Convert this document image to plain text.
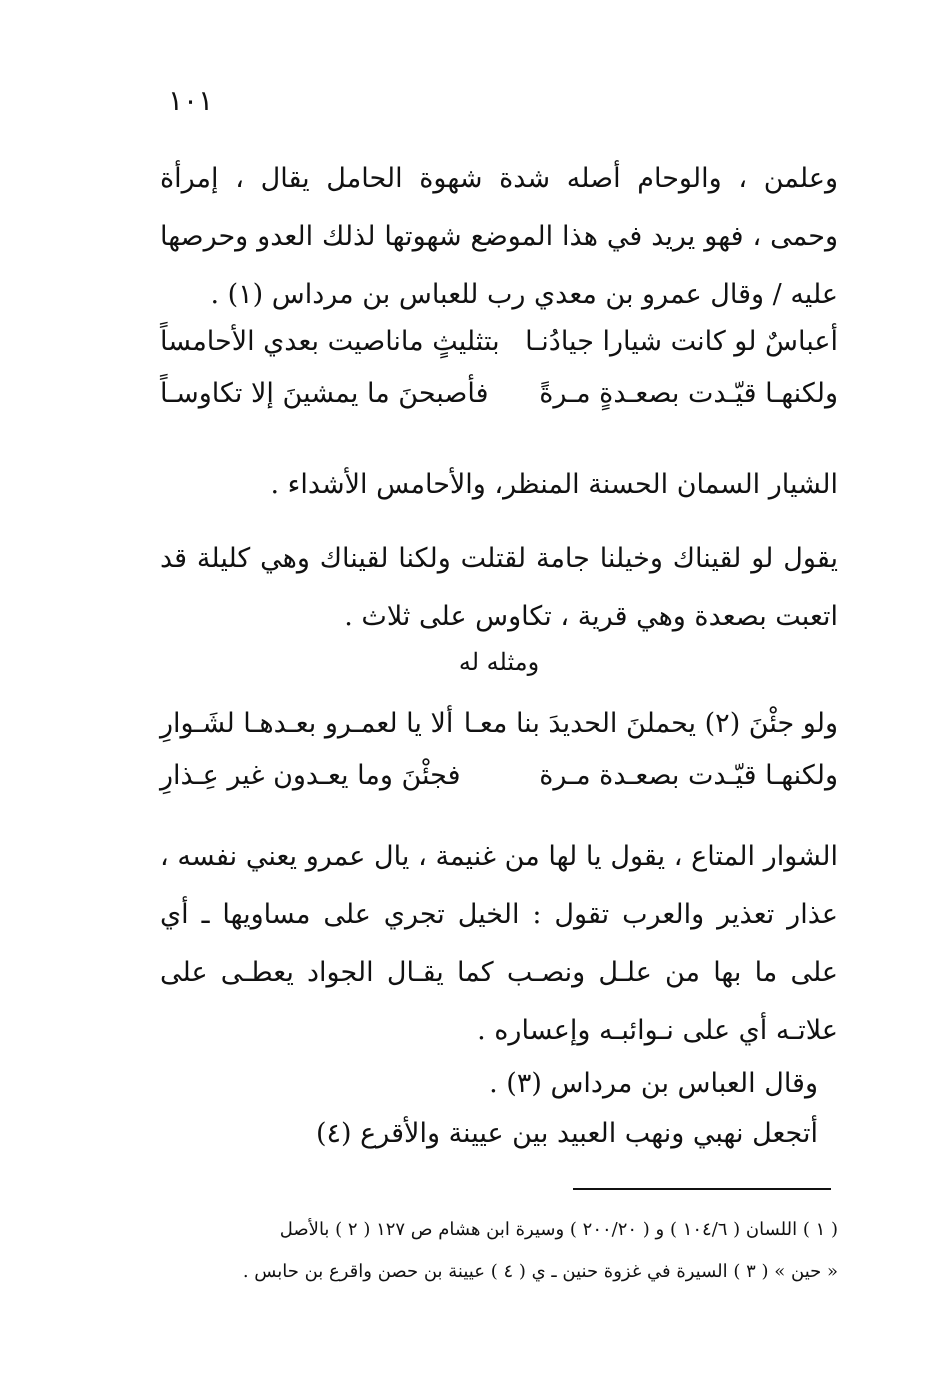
١٠١
وعلمن ، والوحام أصله شدة شهوة الحامل يقال ، إمرأة وحمى ، فهو يريد في هذا الموضع شهوتها لذلك العدو وحرصها عليه / وقال عمرو بن معدي رب للعباس بن مرداس (١) .
أعباسٌ لو كانت شيارا جيادُنـا
بتثليثٍ ماناصيت بعدي الأحامساً
ولكنهـا قيّـدت بصعـدةٍ مـرةً
فأصبحنَ ما يمشينَ إلا تكاوسـاً
الشيار السمان الحسنة المنظر، والأحامس الأشداء .
يقول لو لقيناك وخيلنا جامة لقتلت ولكنا لقيناك وهي كليلة قد اتعبت بصعدة وهي قرية ، تكاوس على ثلاث .
ومثله له
ولو جئْنَ (٢) يحملنَ الحديدَ بنا معـا
ألا يا لعمـرو بعـدهـا لشَـوارِ
ولكنهـا قيّـدت بصعـدة مـرة
فجئْنَ وما يعـدون غير عِـذارِ
الشوار المتاع ، يقول يا لها من غنيمة ، يال عمرو يعني نفسه ، عذار تعذير والعرب تقول : الخيل تجري على مساويها ـ أي على ما بها من علـل ونصـب كما يقـال الجواد يعطـى على علاتـه أي على نـوائبـه وإعساره .
وقال العباس بن مرداس (٣) .
أتجعل نهبي ونهب العبيد بين عيينة والأقرع (٤)
( ١ ) اللسان ( ١٠٤/٦ ) و ( ٢٠٠/٢٠ ) وسيرة ابن هشام ص ١٢٧ ( ٢ ) بالأصل
« حين » ( ٣ ) السيرة في غزوة حنين ـ ي ( ٤ ) عيينة بن حصن واقرع بن حابس .
